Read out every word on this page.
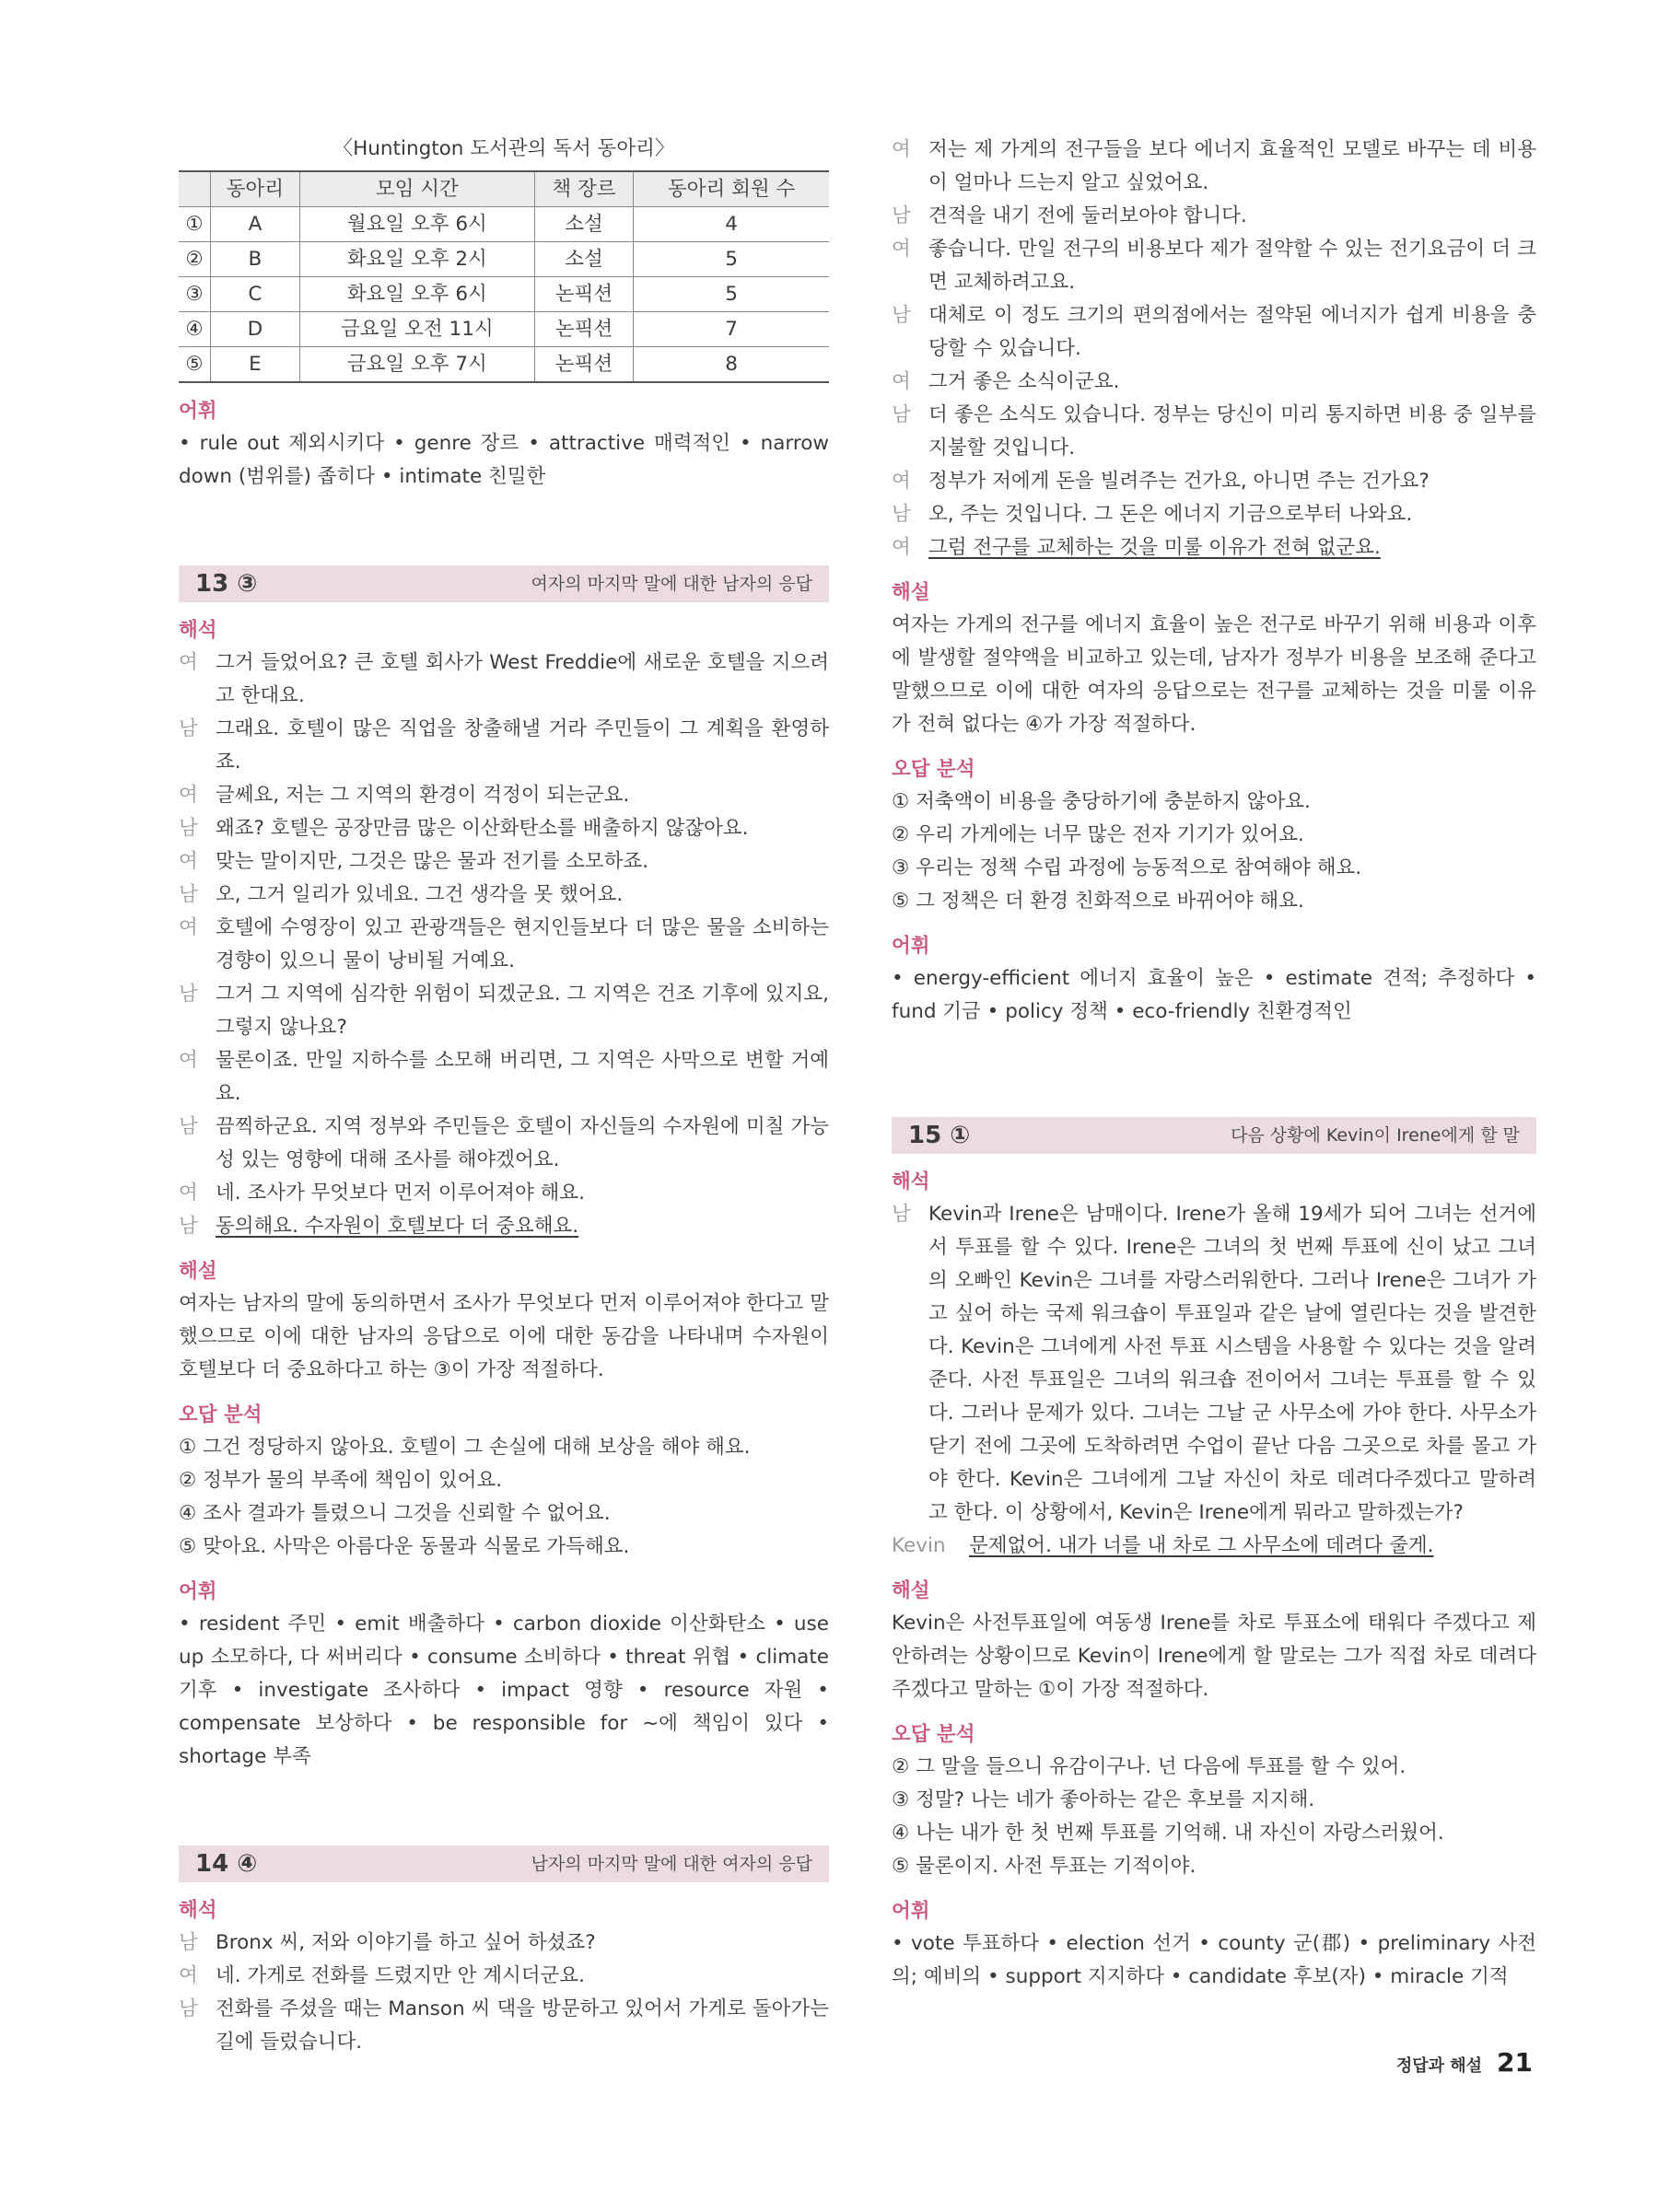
〈Huntington 도서관의 독서 동아리〉
	동아리	모임 시간	책 장르	동아리 회원 수
①	A	월요일 오후 6시	소설	4
②	B	화요일 오후 2시	소설	5
③	C	화요일 오후 6시	논픽션	5
④	D	금요일 오전 11시	논픽션	7
⑤	E	금요일 오후 7시	논픽션	8
어휘
• rule out 제외시키다 • genre 장르 • attractive 매력적인 • narrow down (범위를) 좁히다 • intimate 친밀한
13 ③	여자의 마지막 말에 대한 남자의 응답
해석
여 그거 들었어요? 큰 호텔 회사가 West Freddie에 새로운 호텔을 지으려고 한대요.
남 그래요. 호텔이 많은 직업을 창출해낼 거라 주민들이 그 계획을 환영하죠.
여 글쎄요, 저는 그 지역의 환경이 걱정이 되는군요.
남 왜죠? 호텔은 공장만큼 많은 이산화탄소를 배출하지 않잖아요.
여 맞는 말이지만, 그것은 많은 물과 전기를 소모하죠.
남 오, 그거 일리가 있네요. 그건 생각을 못 했어요.
여 호텔에 수영장이 있고 관광객들은 현지인들보다 더 많은 물을 소비하는 경향이 있으니 물이 낭비될 거예요.
남 그거 그 지역에 심각한 위험이 되겠군요. 그 지역은 건조 기후에 있지요, 그렇지 않나요?
여 물론이죠. 만일 지하수를 소모해 버리면, 그 지역은 사막으로 변할 거예요.
남 끔찍하군요. 지역 정부와 주민들은 호텔이 자신들의 수자원에 미칠 가능성 있는 영향에 대해 조사를 해야겠어요.
여 네. 조사가 무엇보다 먼저 이루어져야 해요.
남 동의해요. 수자원이 호텔보다 더 중요해요.
해설
여자는 남자의 말에 동의하면서 조사가 무엇보다 먼저 이루어져야 한다고 말했으므로 이에 대한 남자의 응답으로 이에 대한 동감을 나타내며 수자원이 호텔보다 더 중요하다고 하는 ③이 가장 적절하다.
오답 분석
① 그건 정당하지 않아요. 호텔이 그 손실에 대해 보상을 해야 해요.
② 정부가 물의 부족에 책임이 있어요.
④ 조사 결과가 틀렸으니 그것을 신뢰할 수 없어요.
⑤ 맞아요. 사막은 아름다운 동물과 식물로 가득해요.
어휘
• resident 주민 • emit 배출하다 • carbon dioxide 이산화탄소 • use up 소모하다, 다 써버리다 • consume 소비하다 • threat 위협 • climate 기후 • investigate 조사하다 • impact 영향 • resource 자원 • compensate 보상하다 • be responsible for ~에 책임이 있다 • shortage 부족
14 ④	남자의 마지막 말에 대한 여자의 응답
해석
남 Bronx 씨, 저와 이야기를 하고 싶어 하셨죠?
여 네. 가게로 전화를 드렸지만 안 계시더군요.
남 전화를 주셨을 때는 Manson 씨 댁을 방문하고 있어서 가게로 돌아가는 길에 들렀습니다.
여 저는 제 가게의 전구들을 보다 에너지 효율적인 모델로 바꾸는 데 비용이 얼마나 드는지 알고 싶었어요.
남 견적을 내기 전에 둘러보아야 합니다.
여 좋습니다. 만일 전구의 비용보다 제가 절약할 수 있는 전기요금이 더 크면 교체하려고요.
남 대체로 이 정도 크기의 편의점에서는 절약된 에너지가 쉽게 비용을 충당할 수 있습니다.
여 그거 좋은 소식이군요.
남 더 좋은 소식도 있습니다. 정부는 당신이 미리 통지하면 비용 중 일부를 지불할 것입니다.
여 정부가 저에게 돈을 빌려주는 건가요, 아니면 주는 건가요?
남 오, 주는 것입니다. 그 돈은 에너지 기금으로부터 나와요.
여 그럼 전구를 교체하는 것을 미룰 이유가 전혀 없군요.
해설
여자는 가게의 전구를 에너지 효율이 높은 전구로 바꾸기 위해 비용과 이후에 발생할 절약액을 비교하고 있는데, 남자가 정부가 비용을 보조해 준다고 말했으므로 이에 대한 여자의 응답으로는 전구를 교체하는 것을 미룰 이유가 전혀 없다는 ④가 가장 적절하다.
오답 분석
① 저축액이 비용을 충당하기에 충분하지 않아요.
② 우리 가게에는 너무 많은 전자 기기가 있어요.
③ 우리는 정책 수립 과정에 능동적으로 참여해야 해요.
⑤ 그 정책은 더 환경 친화적으로 바뀌어야 해요.
어휘
• energy-efficient 에너지 효율이 높은 • estimate 견적; 추정하다 • fund 기금 • policy 정책 • eco-friendly 친환경적인
15 ①	다음 상황에 Kevin이 Irene에게 할 말
해석
남 Kevin과 Irene은 남매이다. Irene가 올해 19세가 되어 그녀는 선거에서 투표를 할 수 있다. Irene은 그녀의 첫 번째 투표에 신이 났고 그녀의 오빠인 Kevin은 그녀를 자랑스러워한다. 그러나 Irene은 그녀가 가고 싶어 하는 국제 워크숍이 투표일과 같은 날에 열린다는 것을 발견한다. Kevin은 그녀에게 사전 투표 시스템을 사용할 수 있다는 것을 알려 준다. 사전 투표일은 그녀의 워크숍 전이어서 그녀는 투표를 할 수 있다. 그러나 문제가 있다. 그녀는 그날 군 사무소에 가야 한다. 사무소가 닫기 전에 그곳에 도착하려면 수업이 끝난 다음 그곳으로 차를 몰고 가야 한다. Kevin은 그녀에게 그날 자신이 차로 데려다주겠다고 말하려고 한다. 이 상황에서, Kevin은 Irene에게 뭐라고 말하겠는가?
Kevin	문제없어. 내가 너를 내 차로 그 사무소에 데려다 줄게.
해설
Kevin은 사전투표일에 여동생 Irene를 차로 투표소에 태워다 주겠다고 제안하려는 상황이므로 Kevin이 Irene에게 할 말로는 그가 직접 차로 데려다주겠다고 말하는 ①이 가장 적절하다.
오답 분석
② 그 말을 들으니 유감이구나. 넌 다음에 투표를 할 수 있어.
③ 정말? 나는 네가 좋아하는 같은 후보를 지지해.
④ 나는 내가 한 첫 번째 투표를 기억해. 내 자신이 자랑스러웠어.
⑤ 물론이지. 사전 투표는 기적이야.
어휘
• vote 투표하다 • election 선거 • county 군(郡) • preliminary 사전의; 예비의 • support 지지하다 • candidate 후보(자) • miracle 기적
정답과 해설 21
